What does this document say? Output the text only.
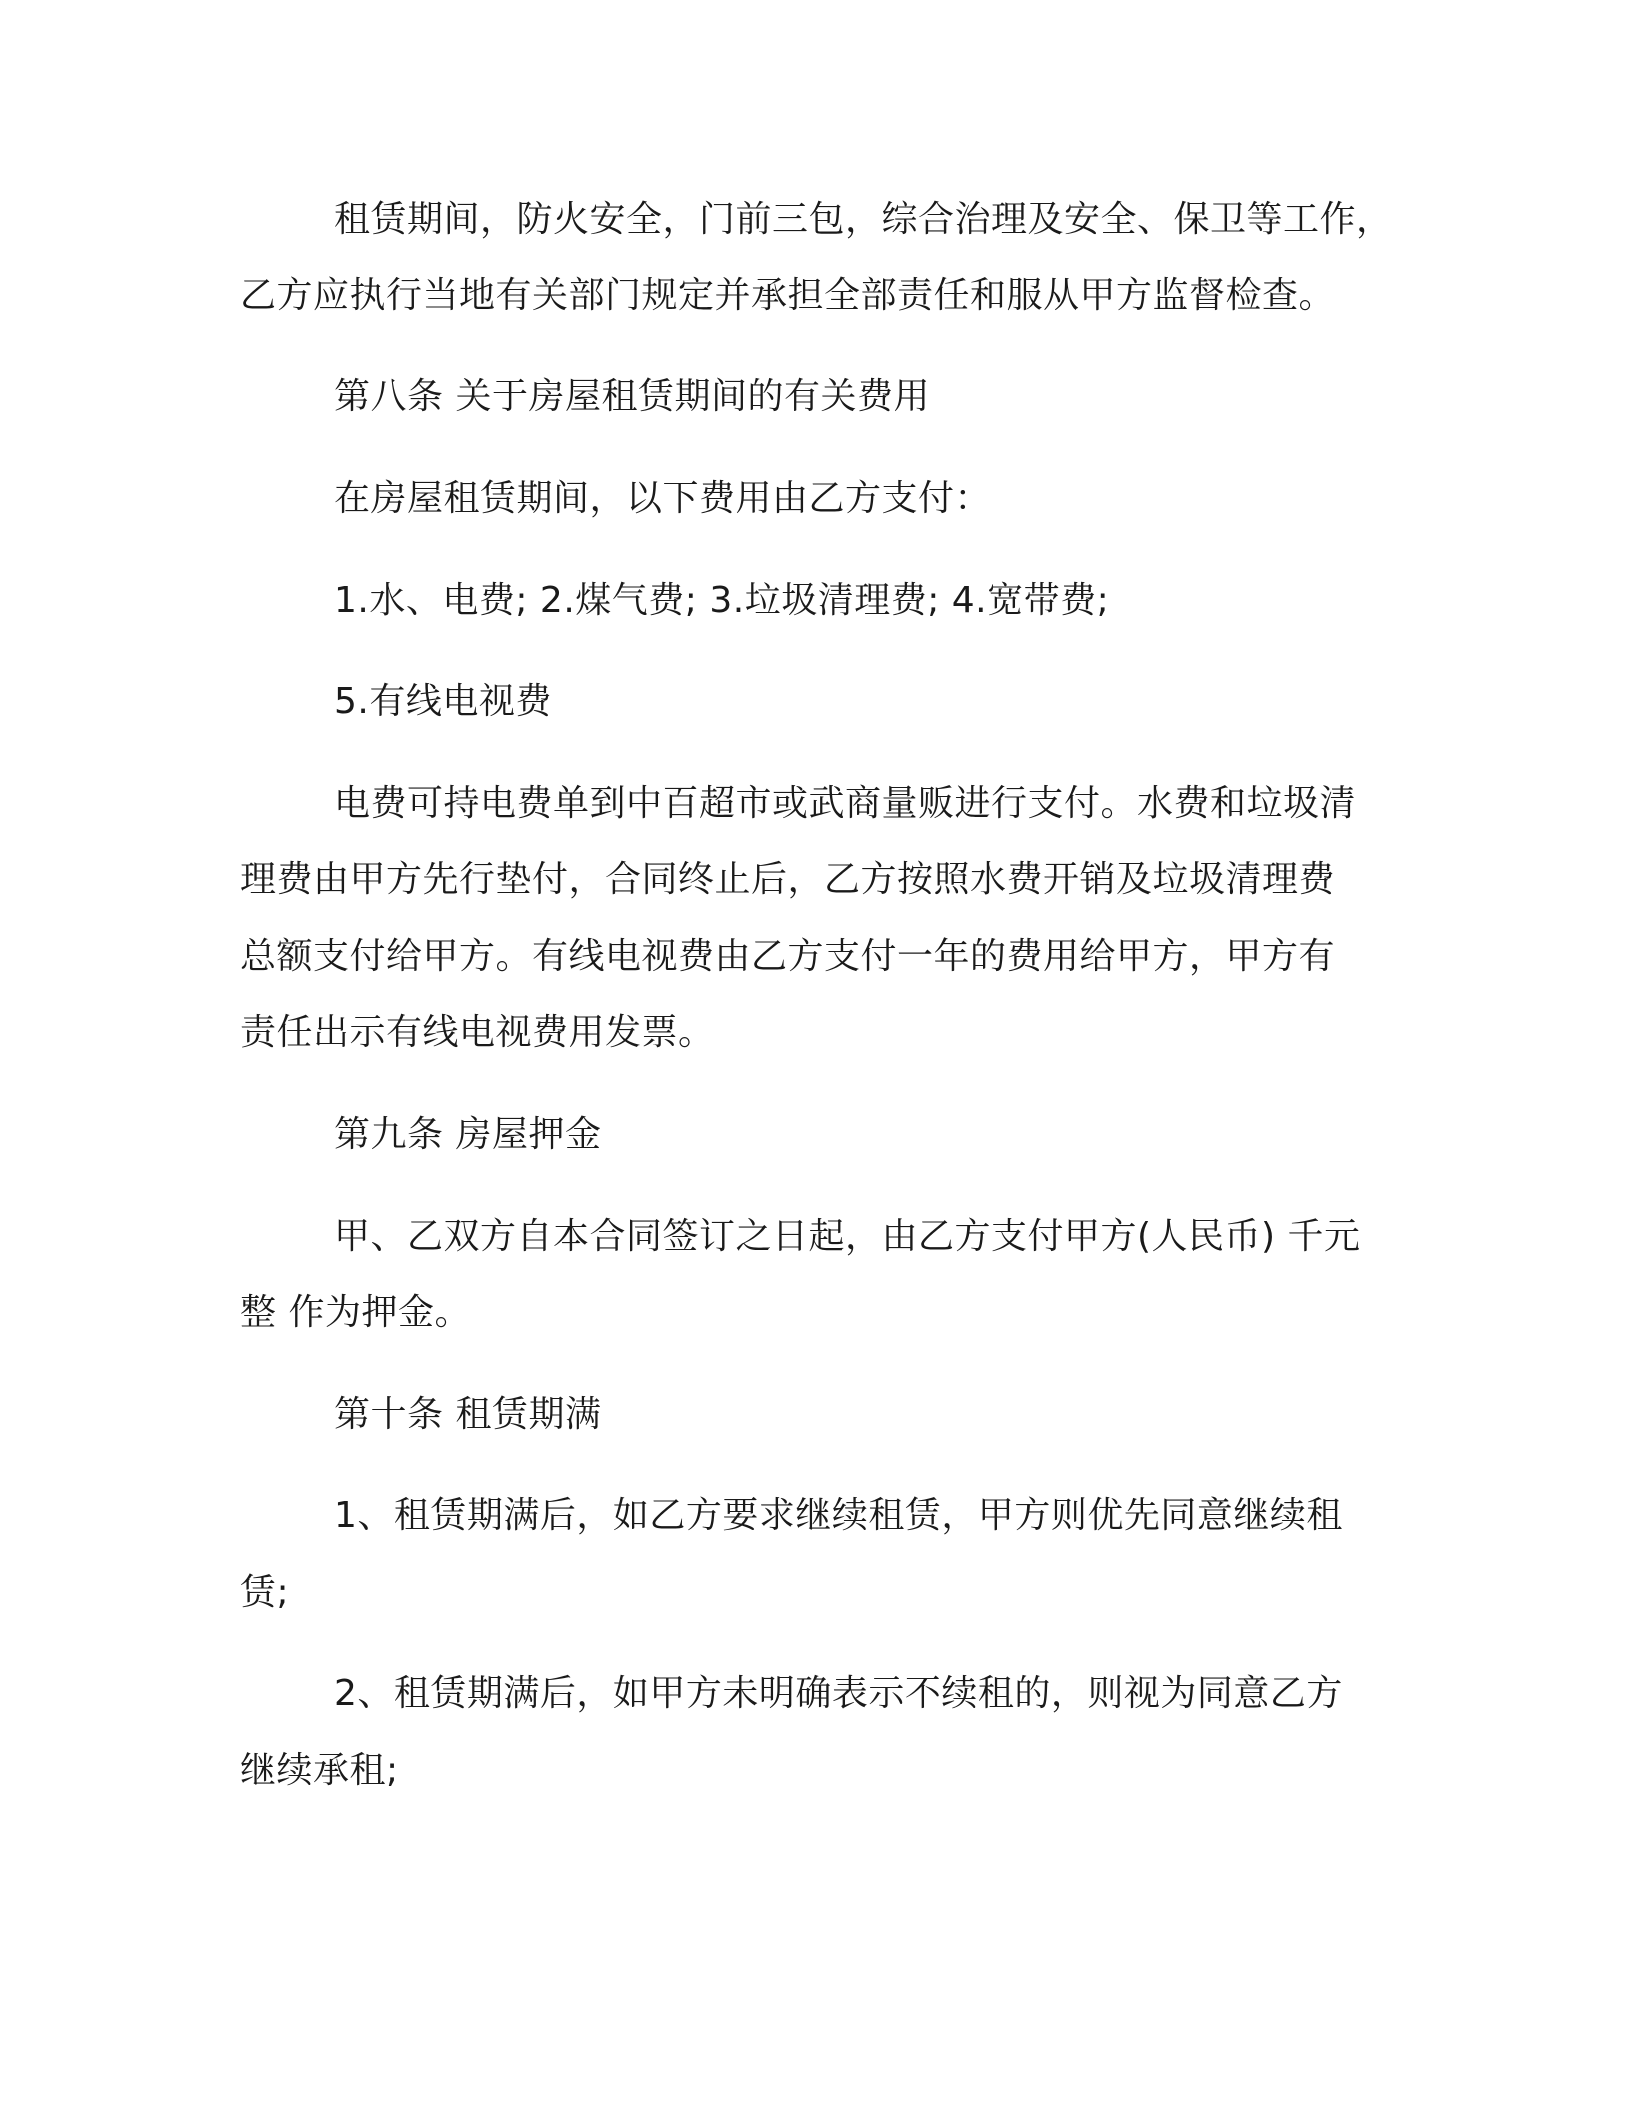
租赁期间，防火安全，门前三包，综合治理及安全、保卫等工作，

乙方应执行当地有关部门规定并承担全部责任和服从甲方监督检查。

第八条 关于房屋租赁期间的有关费用

在房屋租赁期间，以下费用由乙方支付：

1.水、电费; 2.煤气费; 3.垃圾清理费; 4.宽带费;

5.有线电视费

电费可持电费单到中百超市或武商量贩进行支付。水费和垃圾清

理费由甲方先行垫付，合同终止后，乙方按照水费开销及垃圾清理费

总额支付给甲方。有线电视费由乙方支付一年的费用给甲方，甲方有

责任出示有线电视费用发票。

第九条 房屋押金

甲、乙双方自本合同签订之日起，由乙方支付甲方(人民币) 千元

整 作为押金。

第十条 租赁期满

1、租赁期满后，如乙方要求继续租赁，甲方则优先同意继续租

赁;

2、租赁期满后，如甲方未明确表示不续租的，则视为同意乙方

继续承租;
